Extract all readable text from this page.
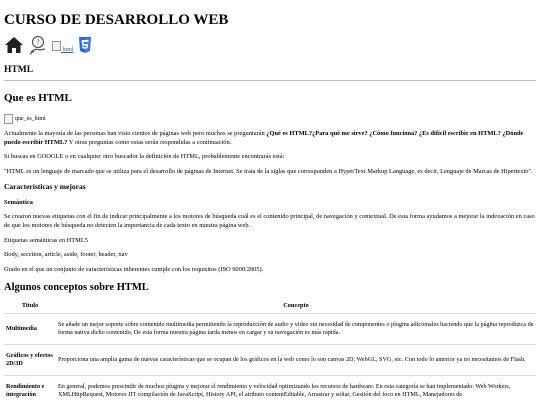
CURSO DE DESARROLLO WEB
?
html
HTML
Que es HTML
que_es_html

Actualmente la mayoría de las personas han visto cientos de páginas web pero muchos se preguntarán ¿Qué es HTML?¿Para qué me sirve? ¿Cómo funciona? ¿Es difícil escribir en HTML? ¿Dónde puedo escribir HTML? Y otras preguntas como estas serán respondidas a continuación.

Si buscas en GOOGLE o en cualquier otro buscador la definición de HTML, probablemente encontrarás está:

"HTML es un lenguaje de marcado que se utiliza para el desarrollo de páginas de Internet. Se trata de la siglas que corresponden a HyperText Markup Language, es decir, Lenguaje de Marcas de Hipertexto".

Características y mejoras
Semántica

Se crearon nuevas etiquetas con el fin de indicar principalmente a los motores de búsqueda cuál es el contenido principal, de navegación y contextual. De esta forma ayudamos a mejorar la indexación en caso de que los motores de búsqueda no detecten la importancia de cada texto en nuestra página web.

Etiquetas semánticas en HTML5

Body, secction, article, aside, footer, header, nav

Grado en el que un conjunto de características inherentes cumple con los requisitos (ISO 9000:2005).

Algunos conceptos sobre HTML
Titulo	Concepto
Multimedia	Se añade un mejor soporte sobre contenido multimedia permitiendo la reproducción de audio y video sin necesidad de componentes o plugins adicionales haciendo que la página reproduzca de forma nativa dicho contenido, De esta forma nuestra página tarda menos en cargar y su navegación es más rápida.
Gráficos y efectos 2D/3D	Proporciona una amplia gama de nuevas características que se ocupan de los gráficos en la web como lo son canvas 2D, WebGL, SVG, etc. Con todo lo anterior ya no necesitamos de Flash.
Rendimiento e integración	En general, podemos prescindir de muchos plugins y mejorar el rendimiento y velocidad optimizando los recursos de hardware. En esta categoría se han implementado: Web Workers, XMLHttpRequest, Motores JIT compilación de JavaScript, History API, el atributo contentEditable, Arrastrar y soltar, Gestión del foco en HTML, Manejadores de
